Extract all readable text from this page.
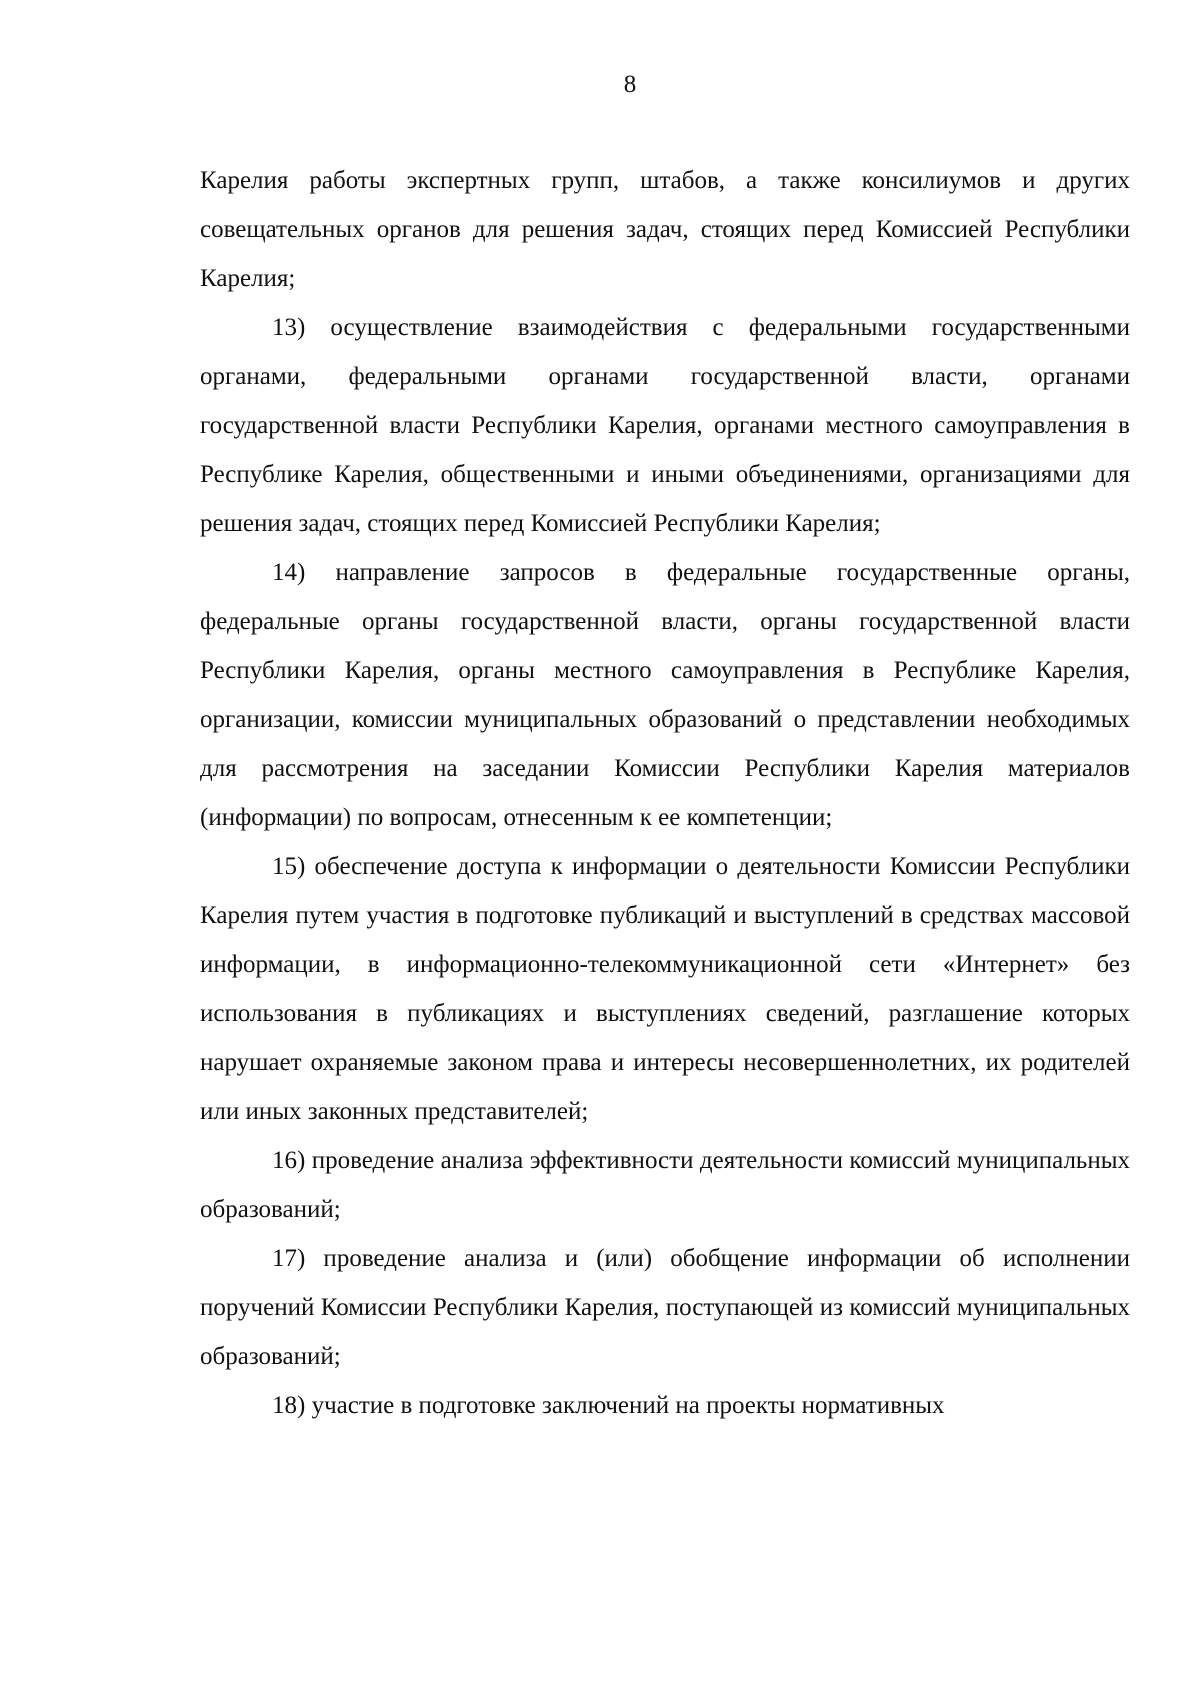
8

Карелия работы экспертных групп, штабов, а также консилиумов и других совещательных органов для решения задач, стоящих перед Комиссией Республики Карелия;

13) осуществление взаимодействия с федеральными государственными органами, федеральными органами государственной власти, органами государственной власти Республики Карелия, органами местного самоуправления в Республике Карелия, общественными и иными объединениями, организациями для решения задач, стоящих перед Комиссией Республики Карелия;

14) направление запросов в федеральные государственные органы, федеральные органы государственной власти, органы государственной власти Республики Карелия, органы местного самоуправления в Республике Карелия, организации, комиссии муниципальных образований о представлении необходимых для рассмотрения на заседании Комиссии Республики Карелия материалов (информации) по вопросам, отнесенным к ее компетенции;

15) обеспечение доступа к информации о деятельности Комиссии Республики Карелия путем участия в подготовке публикаций и выступлений в средствах массовой информации, в информационно-телекоммуникационной сети «Интернет» без использования в публикациях и выступлениях сведений, разглашение которых нарушает охраняемые законом права и интересы несовершеннолетних, их родителей или иных законных представителей;

16) проведение анализа эффективности деятельности комиссий муниципальных образований;

17) проведение анализа и (или) обобщение информации об исполнении поручений Комиссии Республики Карелия, поступающей из комиссий муниципальных образований;

18) участие в подготовке заключений на проекты нормативных
